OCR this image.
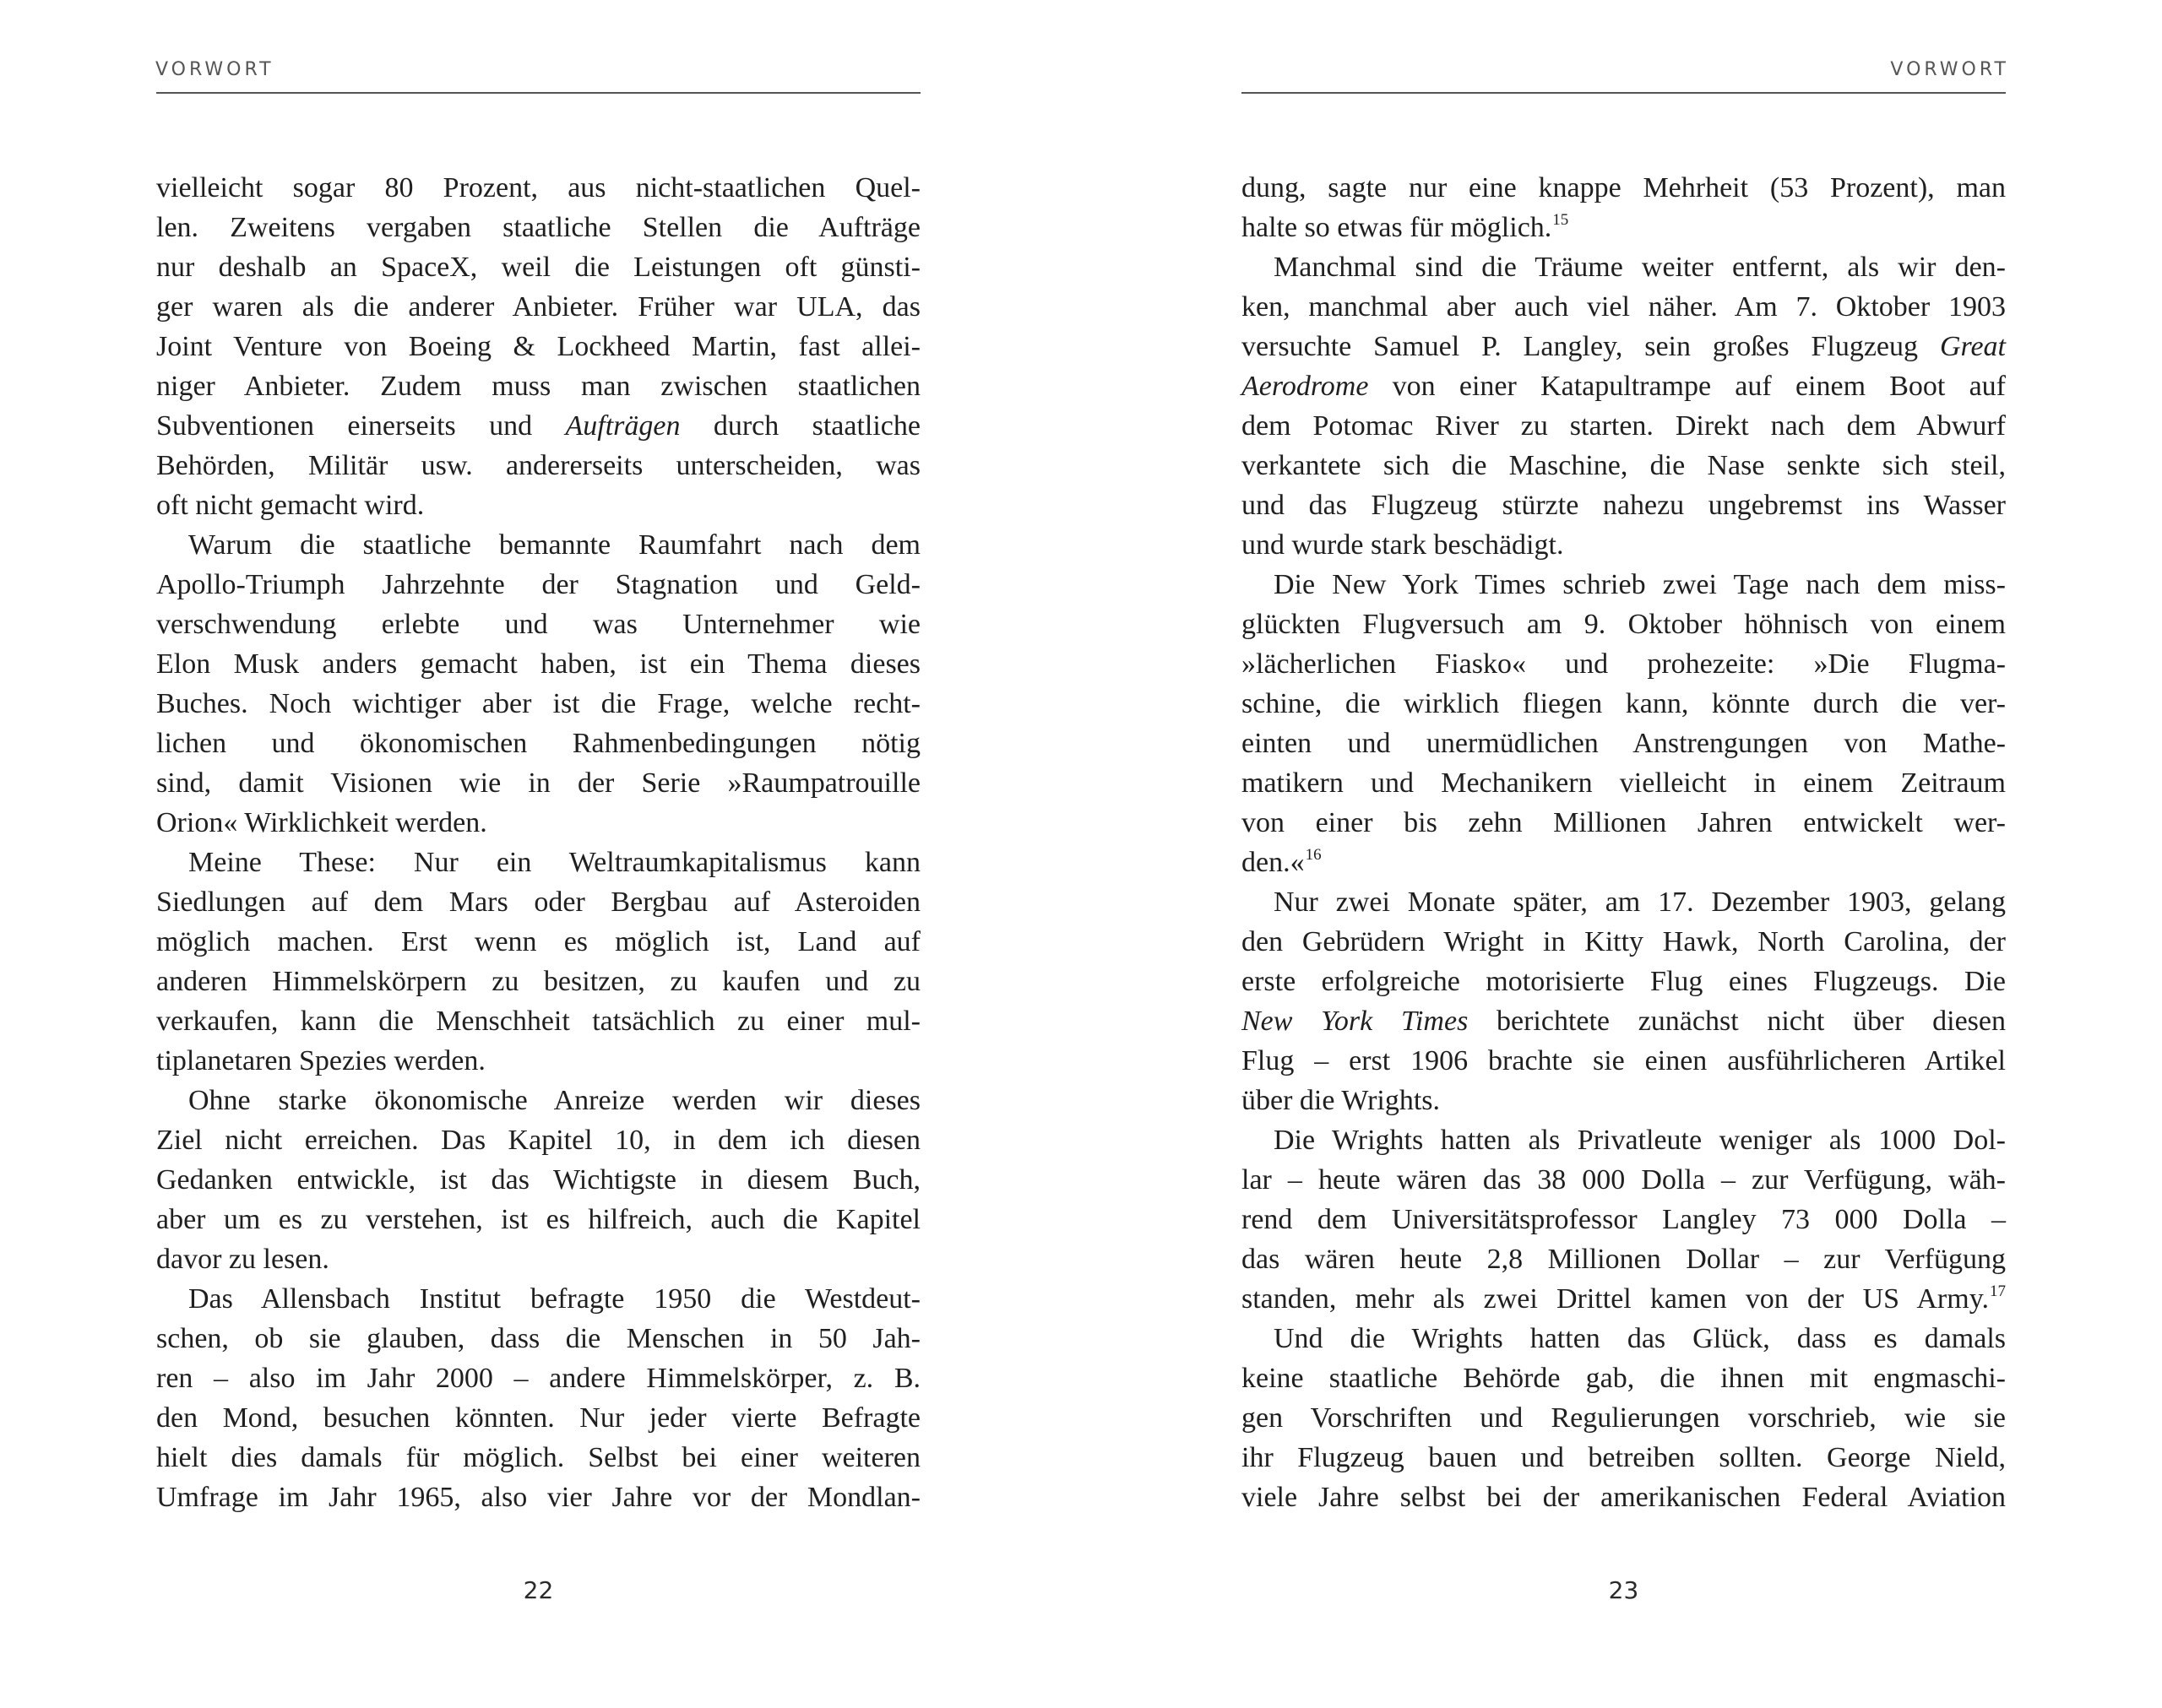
VORWORT
vielleicht sogar 80 Prozent, aus nicht-staatlichen Quel-
len. Zweitens vergaben staatliche Stellen die Aufträge
nur deshalb an SpaceX, weil die Leistungen oft günsti-
ger waren als die anderer Anbieter. Früher war ULA, das
Joint Venture von Boeing & Lockheed Martin, fast allei-
niger Anbieter. Zudem muss man zwischen staatlichen
Subventionen einerseits und Aufträgen durch staatliche
Behörden, Militär usw. andererseits unterscheiden, was
oft nicht gemacht wird.
Warum die staatliche bemannte Raumfahrt nach dem
Apollo-Triumph Jahrzehnte der Stagnation und Geld-
verschwendung erlebte und was Unternehmer wie
Elon Musk anders gemacht haben, ist ein Thema dieses
Buches. Noch wichtiger aber ist die Frage, welche recht-
lichen und ökonomischen Rahmenbedingungen nötig
sind, damit Visionen wie in der Serie »Raumpatrouille
Orion« Wirklichkeit werden.
Meine These: Nur ein Weltraumkapitalismus kann
Siedlungen auf dem Mars oder Bergbau auf Asteroiden
möglich machen. Erst wenn es möglich ist, Land auf
anderen Himmelskörpern zu besitzen, zu kaufen und zu
verkaufen, kann die Menschheit tatsächlich zu einer mul-
tiplanetaren Spezies werden.
Ohne starke ökonomische Anreize werden wir dieses
Ziel nicht erreichen. Das Kapitel 10, in dem ich diesen
Gedanken entwickle, ist das Wichtigste in diesem Buch,
aber um es zu verstehen, ist es hilfreich, auch die Kapitel
davor zu lesen.
Das Allensbach Institut befragte 1950 die Westdeut-
schen, ob sie glauben, dass die Menschen in 50 Jah-
ren – also im Jahr 2000 – andere Himmelskörper, z. B.
den Mond, besuchen könnten. Nur jeder vierte Befragte
hielt dies damals für möglich. Selbst bei einer weiteren
Umfrage im Jahr 1965, also vier Jahre vor der Mondlan-
22
VORWORT
dung, sagte nur eine knappe Mehrheit (53 Prozent), man
halte so etwas für möglich.$^{15}$
Manchmal sind die Träume weiter entfernt, als wir den-
ken, manchmal aber auch viel näher. Am 7. Oktober 1903
versuchte Samuel P. Langley, sein großes Flugzeug Great
Aerodrome von einer Katapultrampe auf einem Boot auf
dem Potomac River zu starten. Direkt nach dem Abwurf
verkantete sich die Maschine, die Nase senkte sich steil,
und das Flugzeug stürzte nahezu ungebremst ins Wasser
und wurde stark beschädigt.
Die New York Times schrieb zwei Tage nach dem miss-
glückten Flugversuch am 9. Oktober höhnisch von einem
»lächerlichen Fiasko« und prohezeite: »Die Flugma-
schine, die wirklich fliegen kann, könnte durch die ver-
einten und unermüdlichen Anstrengungen von Mathe-
matikern und Mechanikern vielleicht in einem Zeitraum
von einer bis zehn Millionen Jahren entwickelt wer-
den.«$^{16}$
Nur zwei Monate später, am 17. Dezember 1903, gelang
den Gebrüdern Wright in Kitty Hawk, North Carolina, der
erste erfolgreiche motorisierte Flug eines Flugzeugs. Die
New York Times berichtete zunächst nicht über diesen
Flug – erst 1906 brachte sie einen ausführlicheren Artikel
über die Wrights.
Die Wrights hatten als Privatleute weniger als 1000 Dol-
lar – heute wären das 38 000 Dolla – zur Verfügung, wäh-
rend dem Universitätsprofessor Langley 73 000 Dolla –
das wären heute 2,8 Millionen Dollar – zur Verfügung
standen, mehr als zwei Drittel kamen von der US Army.$^{17}$
Und die Wrights hatten das Glück, dass es damals
keine staatliche Behörde gab, die ihnen mit engmaschi-
gen Vorschriften und Regulierungen vorschrieb, wie sie
ihr Flugzeug bauen und betreiben sollten. George Nield,
viele Jahre selbst bei der amerikanischen Federal Aviation
23
